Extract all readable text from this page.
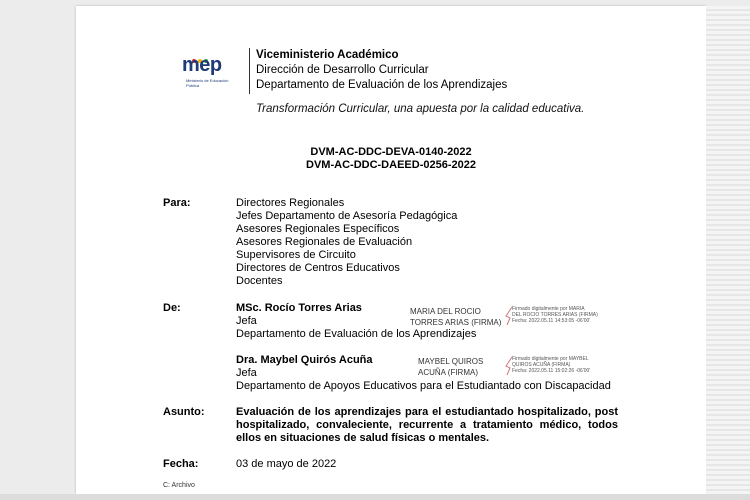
mep
Ministerio de Educación Pública
Viceministerio Académico
Dirección de Desarrollo Curricular
Departamento de Evaluación de los Aprendizajes
Transformación Curricular, una apuesta por la calidad educativa.
DVM-AC-DDC-DEVA-0140-2022
DVM-AC-DDC-DAEED-0256-2022
Para:	Directores Regionales
Jefes Departamento de Asesoría Pedagógica
Asesores Regionales Específicos
Asesores Regionales de Evaluación
Supervisores de Circuito
Directores de Centros Educativos
Docentes
De:	MSc. Rocío Torres Arias
Jefa
Departamento de Evaluación de los Aprendizajes
MARIA DEL ROCIO
TORRES ARIAS (FIRMA)
Firmado digitalmente por MARIA
DEL ROCIO TORRES ARIAS (FIRMA)
Fecha: 2022.05.11 14:53:05 -06'00'
Dra. Maybel Quirós Acuña
Jefa
Departamento de Apoyos Educativos para el Estudiantado con Discapacidad
MAYBEL QUIROS
ACUÑA (FIRMA)
Firmado digitalmente por MAYBEL
QUIROS ACUÑA (FIRMA)
Fecha: 2022.05.11 15:02:26 -06'00'
Asunto:	Evaluación de los aprendizajes para el estudiantado hospitalizado, post hospitalizado, convaleciente, recurrente a tratamiento médico, todos ellos en situaciones de salud físicas o mentales.
Fecha:	03 de mayo de 2022
C: Archivo
